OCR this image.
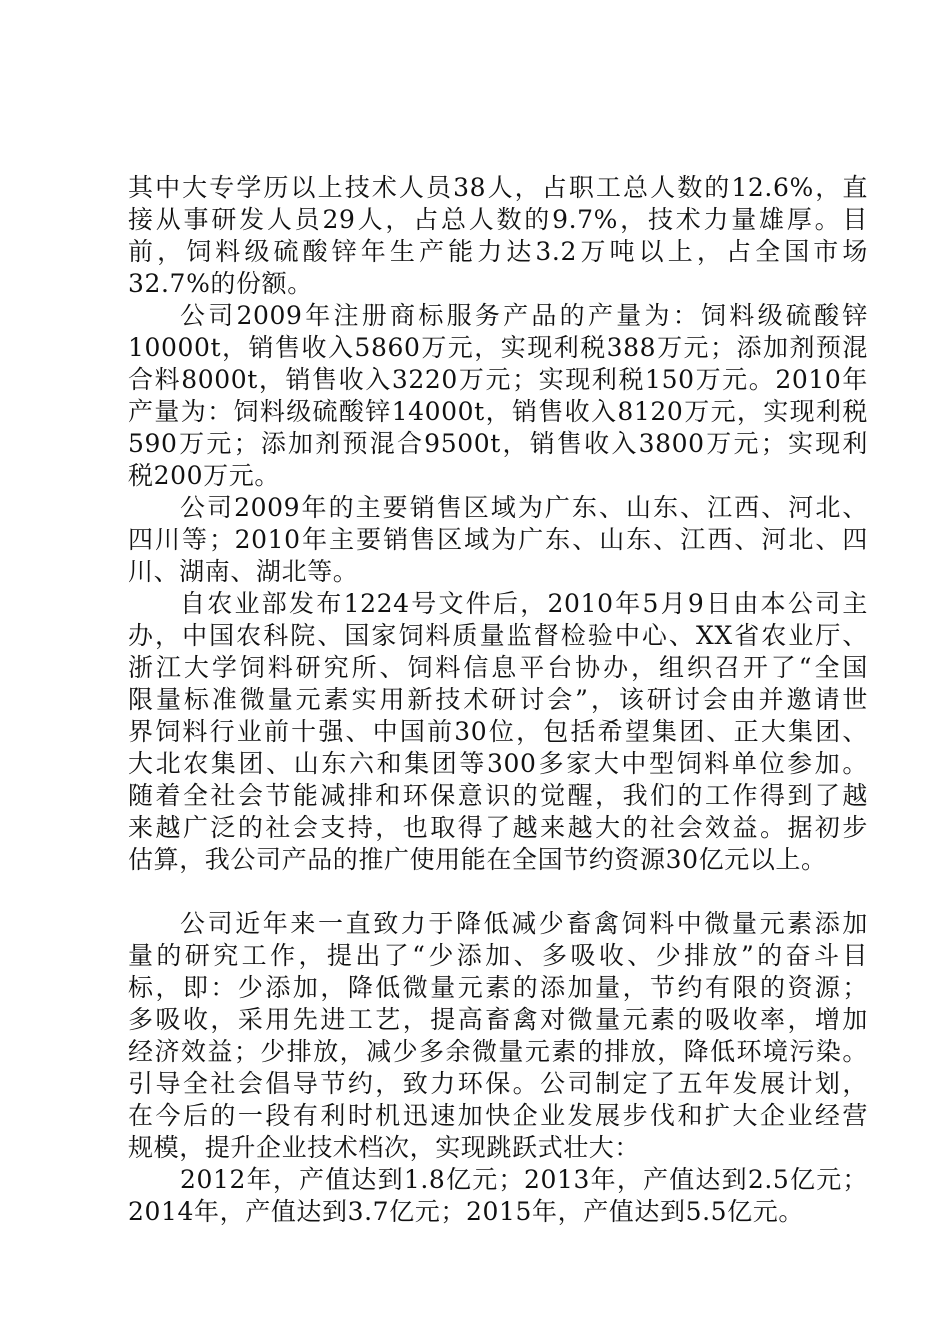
其中大专学历以上技术人员38人，占职工总人数的12.6%，直
接从事研发人员29人，占总人数的9.7%，技术力量雄厚。目
前，饲料级硫酸锌年生产能力达3.2万吨以上，占全国市场
32.7%的份额。
公司2009年注册商标服务产品的产量为：饲料级硫酸锌
10000t，销售收入5860万元，实现利税388万元；添加剂预混
合料8000t，销售收入3220万元；实现利税150万元。2010年
产量为：饲料级硫酸锌14000t，销售收入8120万元，实现利税
590万元；添加剂预混合9500t，销售收入3800万元；实现利
税200万元。
公司2009年的主要销售区域为广东、山东、江西、河北、
四川等；2010年主要销售区域为广东、山东、江西、河北、四
川、湖南、湖北等。
自农业部发布1224号文件后，2010年5月9日由本公司主
办，中国农科院、国家饲料质量监督检验中心、XX省农业厅、
浙江大学饲料研究所、饲料信息平台协办，组织召开了“全国
限量标准微量元素实用新技术研讨会”，该研讨会由并邀请世
界饲料行业前十强、中国前30位，包括希望集团、正大集团、
大北农集团、山东六和集团等300多家大中型饲料单位参加。
随着全社会节能减排和环保意识的觉醒，我们的工作得到了越
来越广泛的社会支持，也取得了越来越大的社会效益。据初步
估算，我公司产品的推广使用能在全国节约资源30亿元以上。
公司近年来一直致力于降低减少畜禽饲料中微量元素添加
量的研究工作，提出了“少添加、多吸收、少排放”的奋斗目
标，即：少添加，降低微量元素的添加量，节约有限的资源；
多吸收，采用先进工艺，提高畜禽对微量元素的吸收率，增加
经济效益；少排放，减少多余微量元素的排放，降低环境污染。
引导全社会倡导节约，致力环保。公司制定了五年发展计划，
在今后的一段有利时机迅速加快企业发展步伐和扩大企业经营
规模，提升企业技术档次，实现跳跃式壮大：
2012年，产值达到1.8亿元；2013年，产值达到2.5亿元；
2014年，产值达到3.7亿元；2015年，产值达到5.5亿元。
